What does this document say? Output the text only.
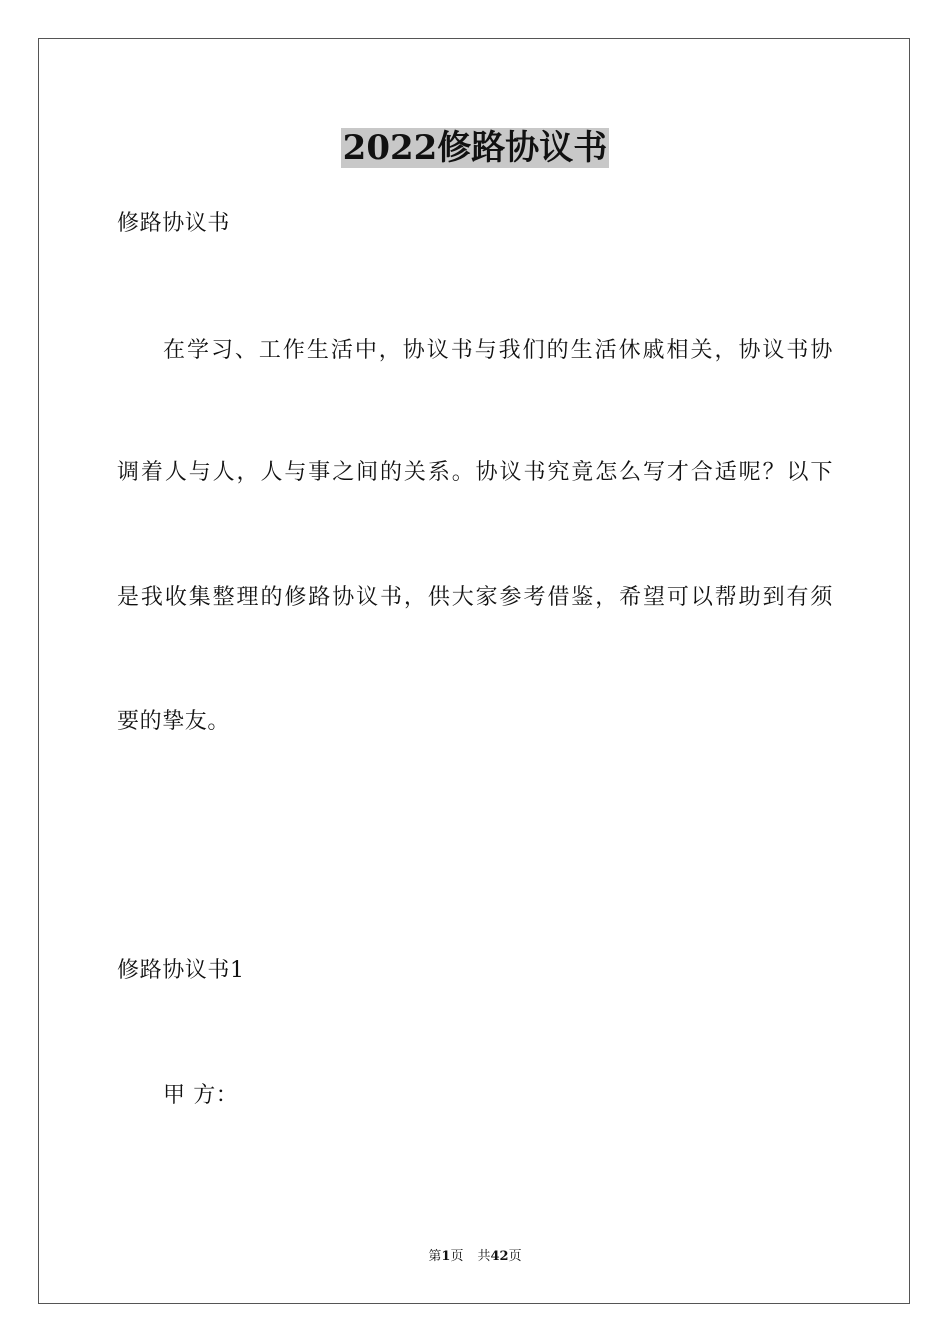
2022修路协议书
修路协议书
在学习、工作生活中，协议书与我们的生活休戚相关，协议书协
调着人与人，人与事之间的关系。协议书究竟怎么写才合适呢？以下
是我收集整理的修路协议书，供大家参考借鉴，希望可以帮助到有须
要的挚友。
修路协议书1
甲 方：
第1页 共42页
